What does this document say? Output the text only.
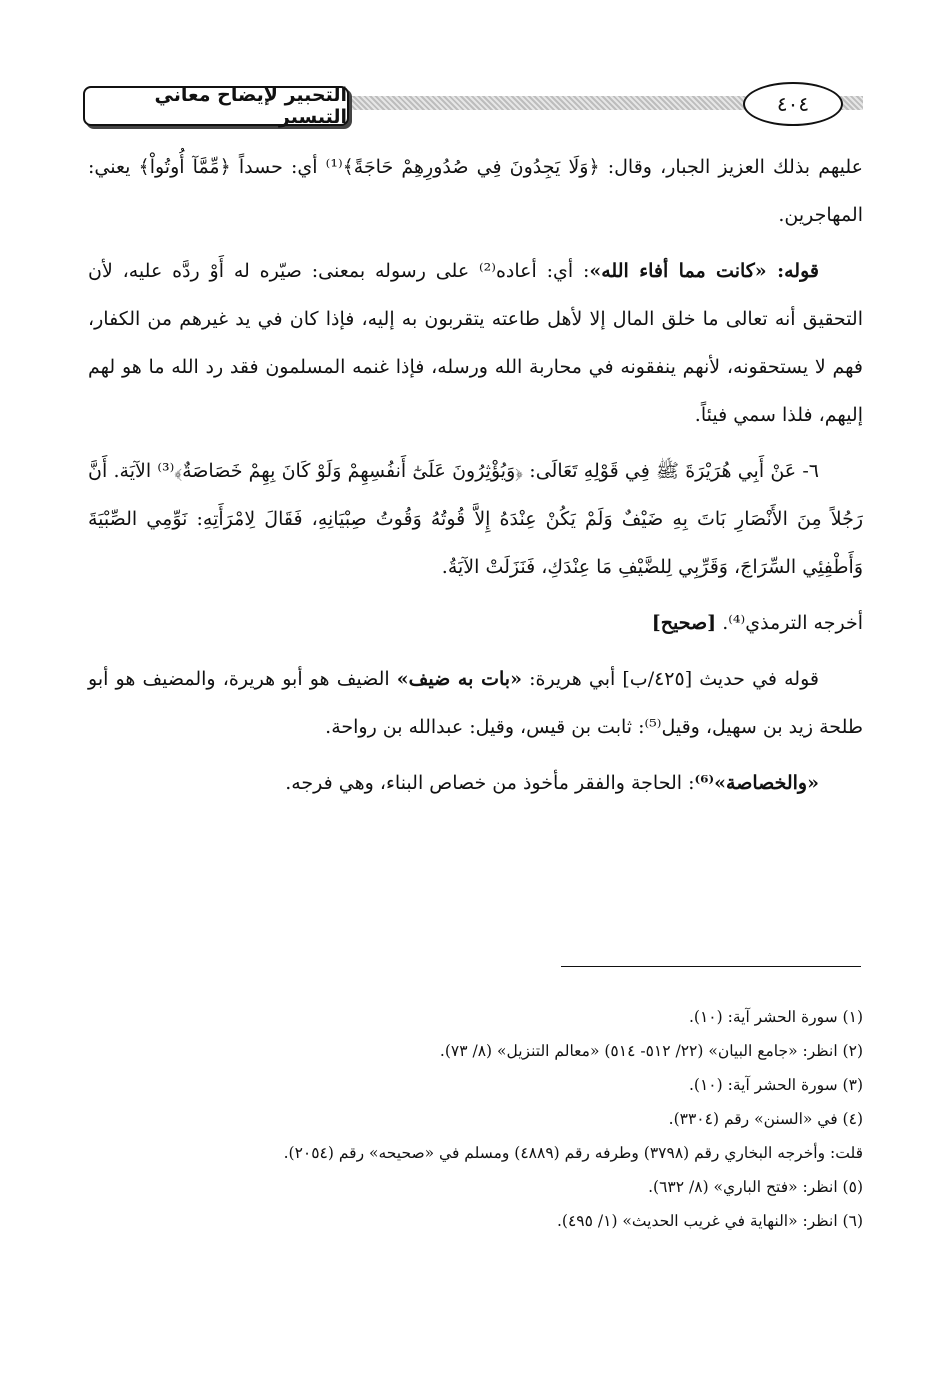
التحبير لإيضاح معاني التيسير
٤٠٤

عليهم بذلك العزيز الجبار، وقال: ﴿وَلَا يَجِدُونَ فِي صُدُورِهِمْ حَاجَةً﴾⁽¹⁾ أي: حسداً ﴿مِّمَّآ أُوتُواْ﴾ يعني: المهاجرين.

قوله: «كانت مما أفاء الله»: أي: أعاده⁽²⁾ على رسوله بمعنى: صيّره له أَوْ ردَّه عليه، لأن التحقيق أنه تعالى ما خلق المال إلا لأهل طاعته يتقربون به إليه، فإذا كان في يد غيرهم من الكفار، فهم لا يستحقونه، لأنهم ينفقونه في محاربة الله ورسله، فإذا غنمه المسلمون فقد رد الله ما هو لهم إليهم، فلذا سمي فيئاً.

٦- عَنْ أَبِي هُرَيْرَةَ ﷺ فِي قَوْلِهِ تَعَالَى: ﴿وَيُؤْثِرُونَ عَلَىٰٓ أَنفُسِهِمْ وَلَوْ كَانَ بِهِمْ خَصَاصَةٌ﴾⁽³⁾ الآيَة. أَنَّ رَجُلاً مِنَ الأَنْصَارِ بَاتَ بِهِ ضَيْفٌ وَلَمْ يَكُنْ عِنْدَهُ إِلاَّ قُوتُهُ وَقُوتُ صِبْيَانِهِ، فَقَالَ لِامْرَأَتِهِ: نَوِّمِي الصِّبْيَةَ وَأَطْفِئِي السِّرَاجَ، وَقَرِّبِي لِلضَّيْفِ مَا عِنْدَكِ، فَنَزَلَتْ الآيَةُ.

أخرجه الترمذي⁽⁴⁾. [صحيح]

قوله في حديث [٤٢٥/ب] أبي هريرة: «بات به ضيف» الضيف هو أبو هريرة، والمضيف هو أبو طلحة زيد بن سهيل، وقيل⁽⁵⁾: ثابت بن قيس، وقيل: عبدالله بن رواحة.

«والخصاصة»⁽⁶⁾: الحاجة والفقر مأخوذ من خصاص البناء، وهي فرجه.

(١) سورة الحشر آية: (١٠).
(٢) انظر: «جامع البيان» (٢٢/ ٥١٢- ٥١٤) «معالم التنزيل» (٨/ ٧٣).
(٣) سورة الحشر آية: (١٠).
(٤) في «السنن» رقم (٣٣٠٤).
قلت: وأخرجه البخاري رقم (٣٧٩٨) وطرفه رقم (٤٨٨٩) ومسلم في «صحيحه» رقم (٢٠٥٤).
(٥) انظر: «فتح الباري» (٨/ ٦٣٢).
(٦) انظر: «النهاية في غريب الحديث» (١/ ٤٩٥).
